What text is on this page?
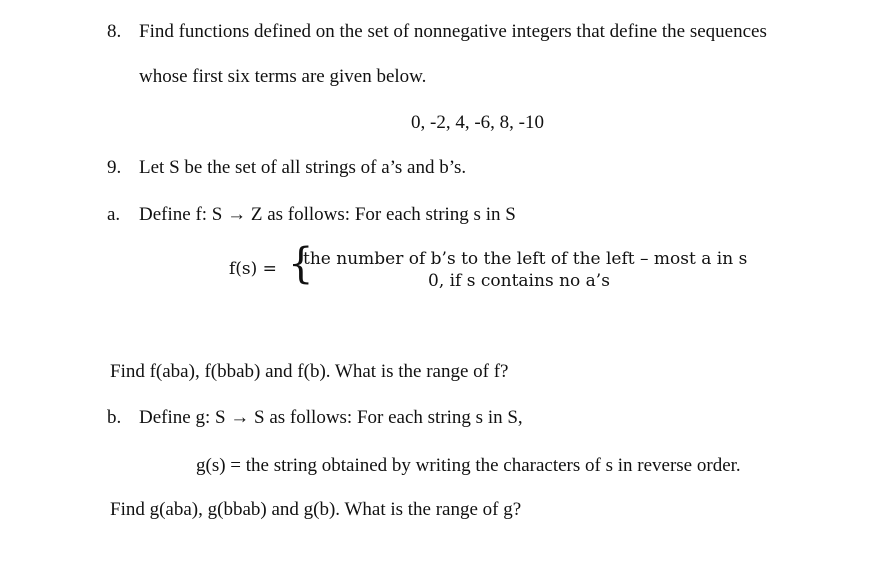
8. Find functions defined on the set of nonnegative integers that define the sequences
whose first six terms are given below.
0, -2, 4, -6, 8, -10
9. Let S be the set of all strings of a’s and b’s.
a. Define f: S → Z as follows: For each string s in S
f(s) = {
the number of b’s to the left of the left – most a in s
0, if s contains no a’s
Find f(aba), f(bbab) and f(b). What is the range of f?
b. Define g: S → S as follows: For each string s in S,
g(s) = the string obtained by writing the characters of s in reverse order.
Find g(aba), g(bbab) and g(b). What is the range of g?
